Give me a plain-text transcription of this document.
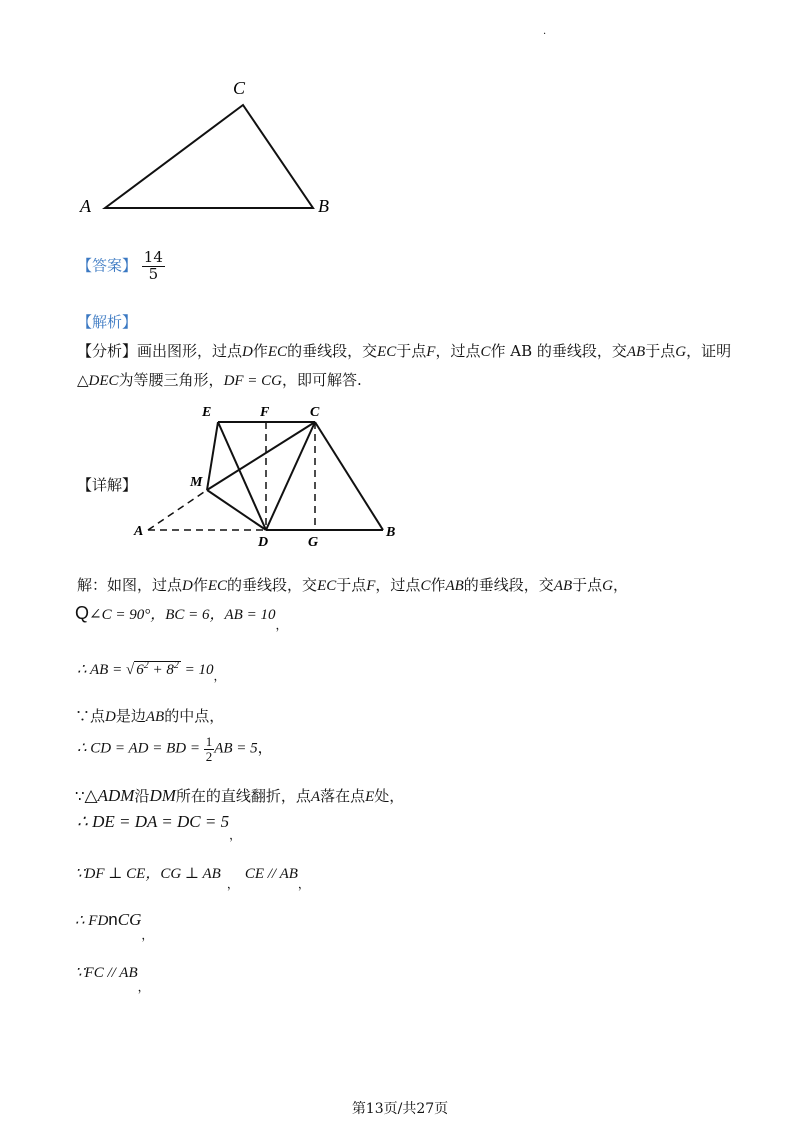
.
C
A	B
【答案】 $\frac{14}{5}$
【解析】
【分析】画出图形，过点D作EC的垂线段，交EC于点F，过点C作 AB 的垂线段，交AB于点G，证明
△DEC为等腰三角形，DF = CG，即可解答.
【详解】
E	F	C
M
A
D	G
B
解：如图，过点D作EC的垂线段，交EC于点F，过点C作AB的垂线段，交AB于点G，
Q∠C = 90°，BC = 6，AB = $10_,$
∴ AB = √ $6^2 + 8^2 = 10_,$
∵点D是边AB的中点，
∴ CD = AD = BD = $\frac{1}{2}$ AB = 5，
∵△ADM沿DM所在的直线翻折，点A落在点E处，
∴ DE = DA = DC = $5_,$
∵DF ⊥ CE，CG ⊥ $AB_,CE // AB_,$
∴ FDnCG$_,$
∵FC // $AB_,$
第13页/共27页
